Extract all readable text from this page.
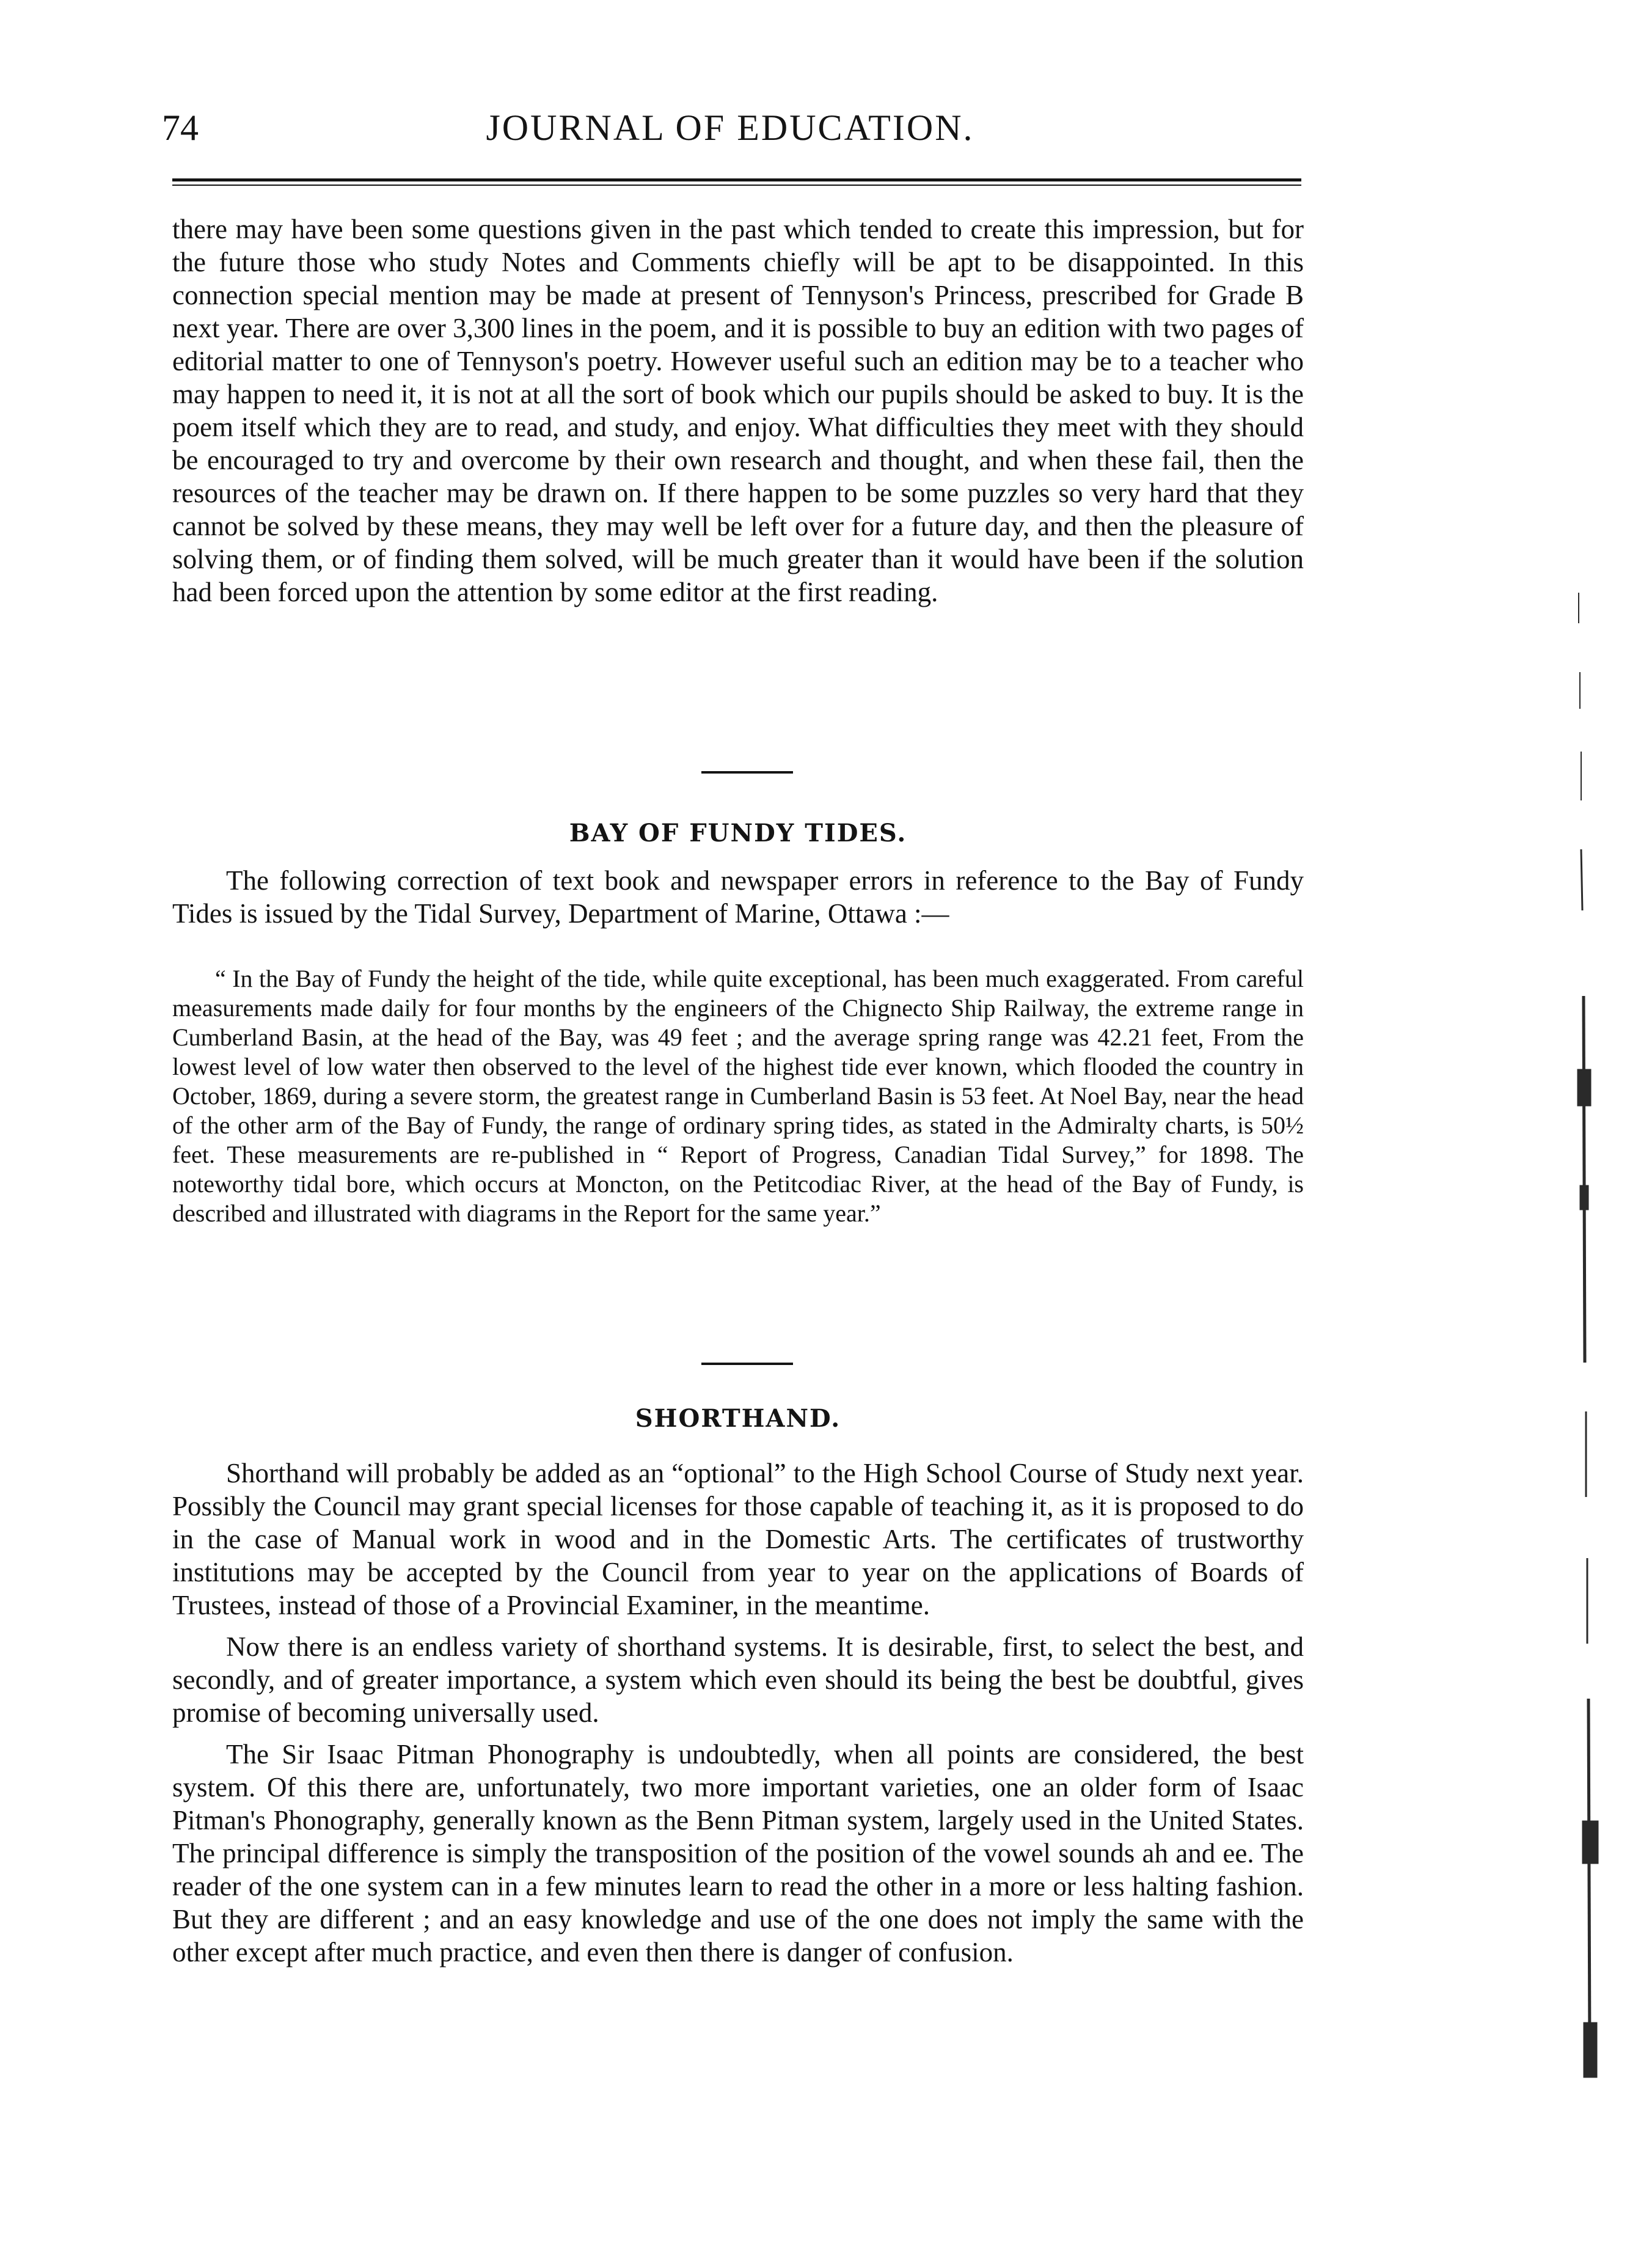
74	JOURNAL OF EDUCATION.

there may have been some questions given in the past which tended to create this impression, but for the future those who study Notes and Comments chiefly will be apt to be disappointed. In this connection special mention may be made at present of Tennyson's Princess, prescribed for Grade B next year. There are over 3,300 lines in the poem, and it is possible to buy an edition with two pages of editorial matter to one of Tennyson's poetry. However useful such an edition may be to a teacher who may happen to need it, it is not at all the sort of book which our pupils should be asked to buy. It is the poem itself which they are to read, and study, and enjoy. What difficulties they meet with they should be encouraged to try and overcome by their own research and thought, and when these fail, then the resources of the teacher may be drawn on. If there happen to be some puzzles so very hard that they cannot be solved by these means, they may well be left over for a future day, and then the pleasure of solving them, or of finding them solved, will be much greater than it would have been if the solution had been forced upon the attention by some editor at the first reading.

BAY OF FUNDY TIDES.

The following correction of text book and newspaper errors in reference to the Bay of Fundy Tides is issued by the Tidal Survey, Department of Marine, Ottawa :—

“ In the Bay of Fundy the height of the tide, while quite exceptional, has been much exaggerated. From careful measurements made daily for four months by the engineers of the Chignecto Ship Railway, the extreme range in Cumberland Basin, at the head of the Bay, was 49 feet ; and the average spring range was 42.21 feet, From the lowest level of low water then observed to the level of the highest tide ever known, which flooded the country in October, 1869, during a severe storm, the greatest range in Cumberland Basin is 53 feet. At Noel Bay, near the head of the other arm of the Bay of Fundy, the range of ordinary spring tides, as stated in the Admiralty charts, is 50½ feet. These measurements are re-published in “ Report of Progress, Canadian Tidal Survey,” for 1898. The noteworthy tidal bore, which occurs at Moncton, on the Petitcodiac River, at the head of the Bay of Fundy, is described and illustrated with diagrams in the Report for the same year.”

SHORTHAND.

Shorthand will probably be added as an “optional” to the High School Course of Study next year. Possibly the Council may grant special licenses for those capable of teaching it, as it is proposed to do in the case of Manual work in wood and in the Domestic Arts. The certificates of trustworthy institutions may be accepted by the Council from year to year on the applications of Boards of Trustees, instead of those of a Provincial Examiner, in the meantime.

Now there is an endless variety of shorthand systems. It is desirable, first, to select the best, and secondly, and of greater importance, a system which even should its being the best be doubtful, gives promise of becoming universally used.

The Sir Isaac Pitman Phonography is undoubtedly, when all points are considered, the best system. Of this there are, unfortunately, two more important varieties, one an older form of Isaac Pitman's Phonography, generally known as the Benn Pitman system, largely used in the United States. The principal difference is simply the transposition of the position of the vowel sounds ah and ee. The reader of the one system can in a few minutes learn to read the other in a more or less halting fashion. But they are different ; and an easy knowledge and use of the one does not imply the same with the other except after much practice, and even then there is danger of confusion.
